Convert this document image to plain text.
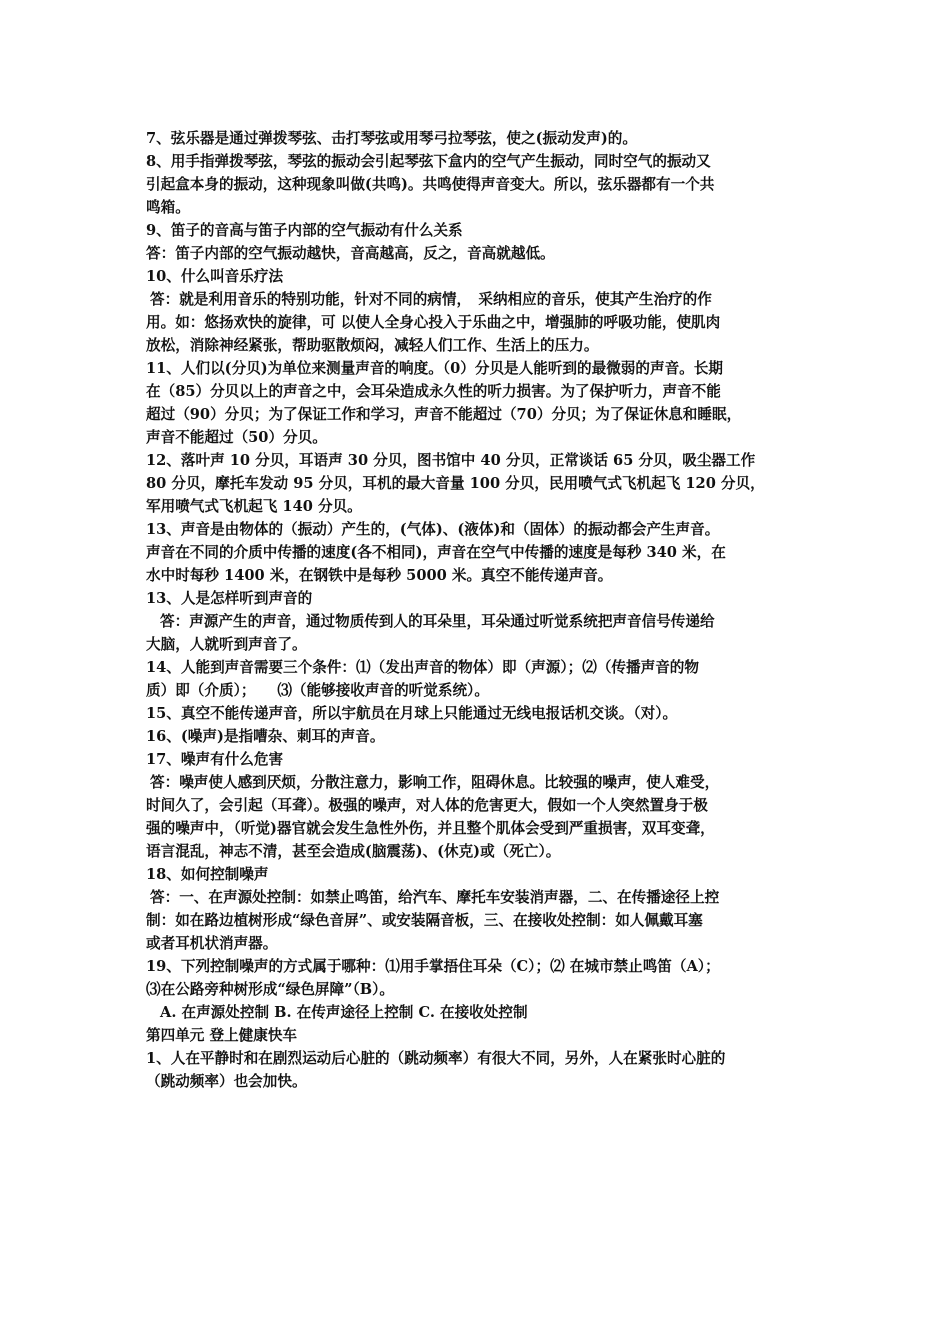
7、弦乐器是通过弹拨琴弦、击打琴弦或用琴弓拉琴弦，使之(振动发声)的。
8、用手指弹拨琴弦，琴弦的振动会引起琴弦下盒内的空气产生振动，同时空气的振动又
引起盒本身的振动，这种现象叫做(共鸣)。共鸣使得声音变大。所以，弦乐器都有一个共
鸣箱。
9、笛子的音高与笛子内部的空气振动有什么关系
答：笛子内部的空气振动越快，音高越高，反之，音高就越低。
10、什么叫音乐疗法
答：就是利用音乐的特别功能，针对不同的病情，　采纳相应的音乐，使其产生治疗的作
用。如：悠扬欢快的旋律，可 以使人全身心投入于乐曲之中，增强肺的呼吸功能，使肌肉
放松，消除神经紧张，帮助驱散烦闷，减轻人们工作、生活上的压力。
11、人们以(分贝)为单位来测量声音的响度。（0）分贝是人能听到的最微弱的声音。长期
在（85）分贝以上的声音之中，会耳朵造成永久性的听力损害。为了保护听力，声音不能
超过（90）分贝；为了保证工作和学习，声音不能超过（70）分贝；为了保证休息和睡眠，
声音不能超过（50）分贝。
12、落叶声 10 分贝，耳语声 30 分贝，图书馆中 40 分贝，正常谈话 65 分贝，吸尘器工作
80 分贝，摩托车发动 95 分贝，耳机的最大音量 100 分贝，民用喷气式飞机起飞 120 分贝，
军用喷气式飞机起飞 140 分贝。
13、声音是由物体的（振动）产生的，(气体)、(液体)和（固体）的振动都会产生声音。
声音在不同的介质中传播的速度(各不相同)，声音在空气中传播的速度是每秒 340 米，在
水中时每秒 1400 米，在钢铁中是每秒 5000 米。真空不能传递声音。
13、人是怎样听到声音的
答：声源产生的声音，通过物质传到人的耳朵里，耳朵通过听觉系统把声音信号传递给
大脑，人就听到声音了。
14、人能到声音需要三个条件：⑴（发出声音的物体）即（声源）；⑵（传播声音的物
质）即（介质）；　　⑶（能够接收声音的听觉系统）。
15、真空不能传递声音，所以宇航员在月球上只能通过无线电报话机交谈。（对）。
16、(噪声)是指嘈杂、刺耳的声音。
17、噪声有什么危害
答：噪声使人感到厌烦，分散注意力，影响工作，阻碍休息。比较强的噪声，使人难受，
时间久了，会引起（耳聋）。极强的噪声，对人体的危害更大，假如一个人突然置身于极
强的噪声中，（听觉)器官就会发生急性外伤，并且整个肌体会受到严重损害，双耳变聋，
语言混乱，神志不清，甚至会造成(脑震荡)、(休克)或（死亡）。
18、如何控制噪声
答：一、在声源处控制：如禁止鸣笛，给汽车、摩托车安装消声器，二、在传播途径上控
制：如在路边植树形成“绿色音屏”、或安装隔音板，三、在接收处控制：如人佩戴耳塞
或者耳机状消声器。
19、下列控制噪声的方式属于哪种：⑴用手掌捂住耳朵（C）；⑵ 在城市禁止鸣笛（A）；
⑶在公路旁种树形成“绿色屏障”（B）。
A. 在声源处控制 B. 在传声途径上控制 C. 在接收处控制
第四单元 登上健康快车
1、人在平静时和在剧烈运动后心脏的（跳动频率）有很大不同，另外，人在紧张时心脏的
（跳动频率）也会加快。
